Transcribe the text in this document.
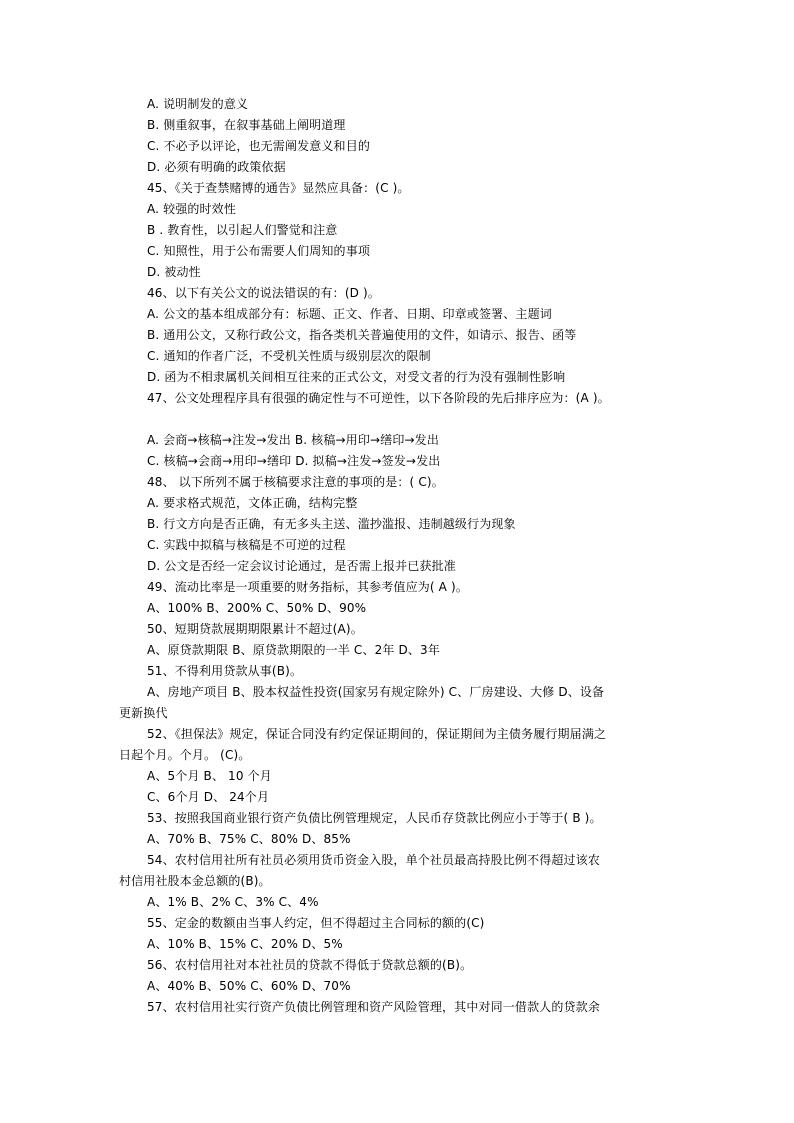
A. 说明制发的意义
B. 侧重叙事，在叙事基础上阐明道理
C. 不必予以评论，也无需阐发意义和目的
D. 必须有明确的政策依据
45、《关于查禁赌博的通告》显然应具备：(C )。
A. 较强的时效性
B . 教育性，以引起人们警觉和注意
C. 知照性，用于公布需要人们周知的事项
D. 被动性
46、以下有关公文的说法错误的有：(D )。
A. 公文的基本组成部分有：标题、正文、作者、日期、印章或签署、主题词
B. 通用公文，又称行政公文，指各类机关普遍使用的文件，如请示、报告、函等
C. 通知的作者广泛，不受机关性质与级别层次的限制
D. 函为不相隶属机关间相互往来的正式公文，对受文者的行为没有强制性影响
47、公文处理程序具有很强的确定性与不可逆性，以下各阶段的先后排序应为：(A )。
A. 会商→核稿→注发→发出 B. 核稿→用印→缮印→发出
C. 核稿→会商→用印→缮印 D. 拟稿→注发→签发→发出
48、 以下所列不属于核稿要求注意的事项的是：( C)。
A. 要求格式规范，文体正确，结构完整
B. 行文方向是否正确，有无多头主送、滥抄滥报、违制越级行为现象
C. 实践中拟稿与核稿是不可逆的过程
D. 公文是否经一定会议讨论通过，是否需上报并已获批准
49、流动比率是一项重要的财务指标，其参考值应为( A )。
A、100% B、200% C、50% D、90%
50、短期贷款展期期限累计不超过(A)。
A、原贷款期限 B、原贷款期限的一半 C、2年 D、3年
51、不得利用贷款从事(B)。
A、房地产项目 B、股本权益性投资(国家另有规定除外) C、厂房建设、大修 D、设备
更新换代
52、《担保法》规定，保证合同没有约定保证期间的，保证期间为主债务履行期届满之
日起个月。个月。 (C)。
A、5个月 B、 10 个月
C、6个月 D、 24个月
53、按照我国商业银行资产负债比例管理规定，人民币存贷款比例应小于等于( B )。
A、70% B、75% C、80% D、85%
54、农村信用社所有社员必须用货币资金入股，单个社员最高持股比例不得超过该农
村信用社股本金总额的(B)。
A、1% B、2% C、3% C、4%
55、定金的数额由当事人约定，但不得超过主合同标的额的(C)
A、10% B、15% C、20% D、5%
56、农村信用社对本社社员的贷款不得低于贷款总额的(B)。
A、40% B、50% C、60% D、70%
57、农村信用社实行资产负债比例管理和资产风险管理，其中对同一借款人的贷款余
